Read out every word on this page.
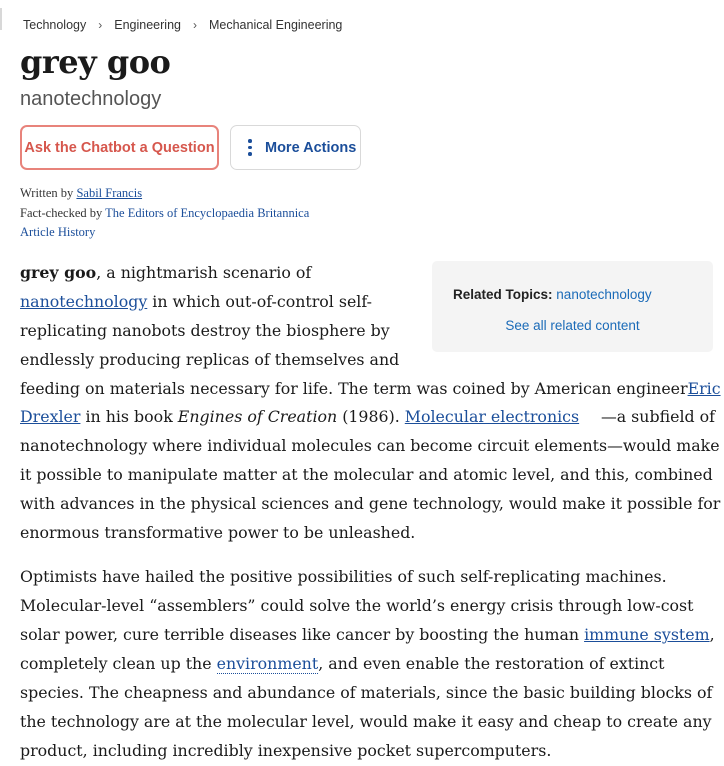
Technology	› Engineering	› Mechanical Engineering
grey goo
nanotechnology
Ask the Chatbot a Question	More Actions
Written by Sabil Francis
Fact-checked by The Editors of Encyclopaedia Britannica
Article History
Related Topics: nanotechnology
See all related content
grey goo, a nightmarish scenario of
nanotechnology in which out-of-control self-
replicating nanobots destroy the biosphere by
endlessly producing replicas of themselves and
feeding on materials necessary for life. The term was coined by American engineer Eric
Drexler in his book Engines of Creation (1986). Molecular electronics —a subfield of
nanotechnology where individual molecules can become circuit elements—would make
it possible to manipulate matter at the molecular and atomic level, and this, combined
with advances in the physical sciences and gene technology, would make it possible for
enormous transformative power to be unleashed.
Optimists have hailed the positive possibilities of such self-replicating machines.
Molecular-level “assemblers” could solve the world’s energy crisis through low-cost
solar power, cure terrible diseases like cancer by boosting the human immune system,
completely clean up the environment, and even enable the restoration of extinct
species. The cheapness and abundance of materials, since the basic building blocks of
the technology are at the molecular level, would make it easy and cheap to create any
product, including incredibly inexpensive pocket supercomputers.
